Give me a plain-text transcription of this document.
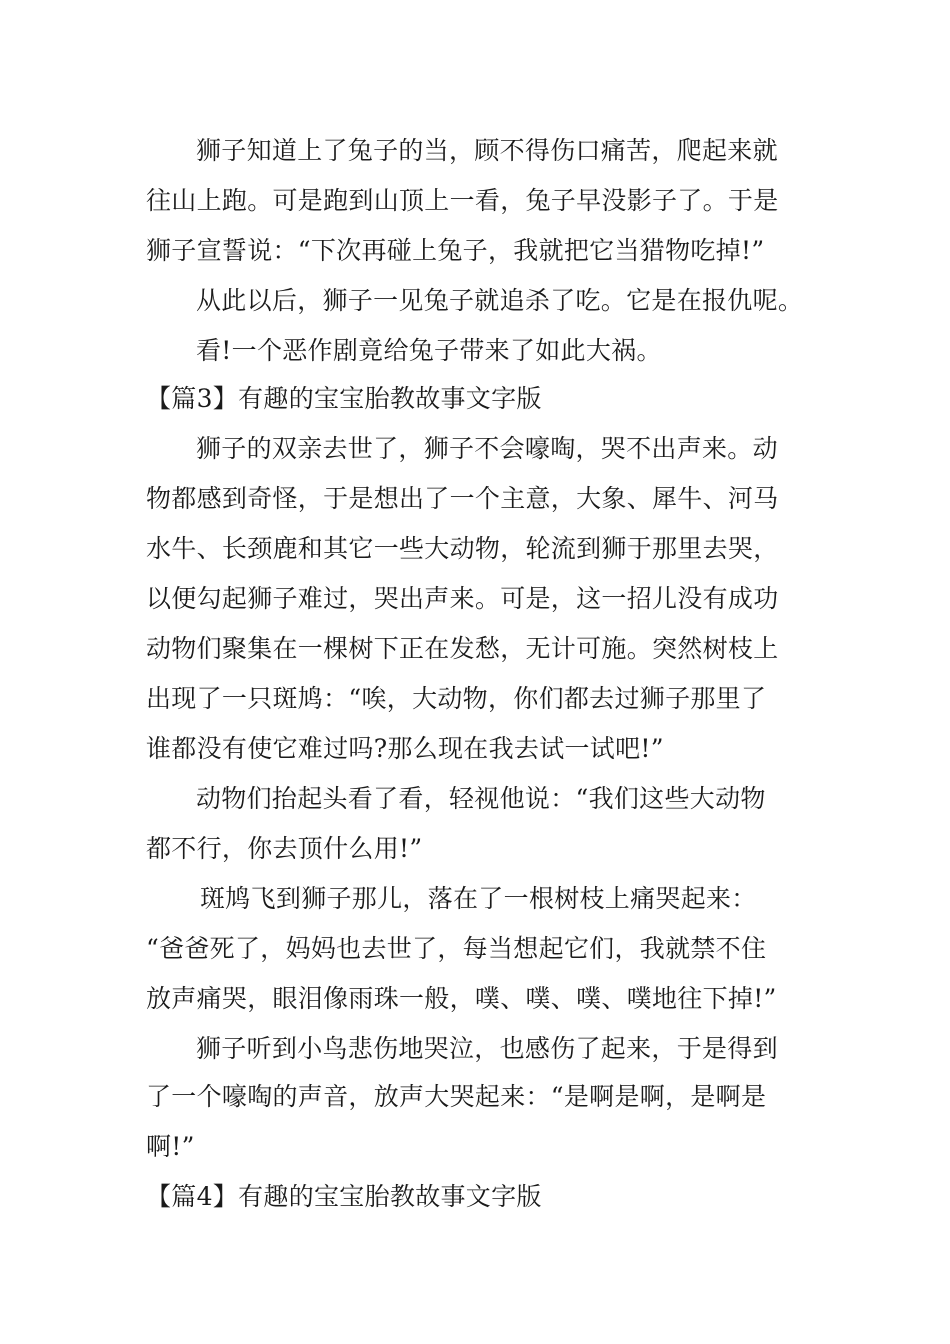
狮子知道上了兔子的当，顾不得伤口痛苦，爬起来就
往山上跑。可是跑到山顶上一看，兔子早没影子了。于是
狮子宣誓说：“下次再碰上兔子，我就把它当猎物吃掉!”
从此以后，狮子一见兔子就追杀了吃。它是在报仇呢。
看!一个恶作剧竟给兔子带来了如此大祸。
【篇3】有趣的宝宝胎教故事文字版
狮子的双亲去世了，狮子不会嚎啕，哭不出声来。动
物都感到奇怪，于是想出了一个主意，大象、犀牛、河马
水牛、长颈鹿和其它一些大动物，轮流到狮于那里去哭，
以便勾起狮子难过，哭出声来。可是，这一招儿没有成功
动物们聚集在一棵树下正在发愁，无计可施。突然树枝上
出现了一只斑鸠：“唉，大动物，你们都去过狮子那里了
谁都没有使它难过吗?那么现在我去试一试吧!”
动物们抬起头看了看，轻视他说：“我们这些大动物
都不行，你去顶什么用!”
斑鸠飞到狮子那儿，落在了一根树枝上痛哭起来：
“爸爸死了，妈妈也去世了，每当想起它们，我就禁不住
放声痛哭，眼泪像雨珠一般，噗、噗、噗、噗地往下掉!”
狮子听到小鸟悲伤地哭泣，也感伤了起来，于是得到
了一个嚎啕的声音，放声大哭起来：“是啊是啊，是啊是
啊!”
【篇4】有趣的宝宝胎教故事文字版
